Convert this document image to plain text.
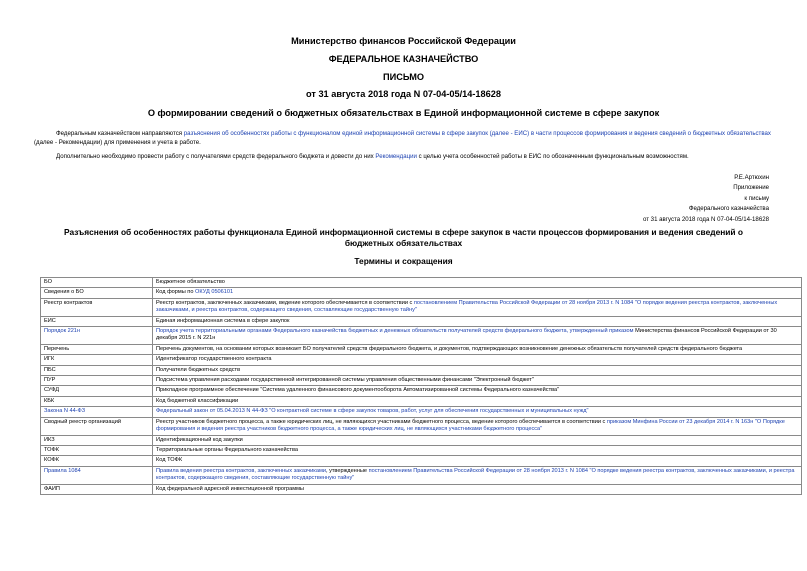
Министерство финансов Российской Федерации
ФЕДЕРАЛЬНОЕ КАЗНАЧЕЙСТВО
ПИСЬМО
от 31 августа 2018 года N 07-04-05/14-18628
О формировании сведений о бюджетных обязательствах в Единой информационной системе в сфере закупок
Федеральным казначейством направляются разъяснения об особенностях работы с функционалом единой информационной системы в сфере закупок (далее - ЕИС) в части процессов формирования и ведения сведений о бюджетных обязательствах (далее - Рекомендации) для применения и учета в работе.
Дополнительно необходимо провести работу с получателями средств федерального бюджета и довести до них Рекомендации с целью учета особенностей работы в ЕИС по обозначенным функциональным возможностям.
Р.Е.Артюхин
Приложение
к письму
Федерального казначейства
от 31 августа 2018 года N 07-04-05/14-18628
Разъяснения об особенностях работы функционала Единой информационной системы в сфере закупок в части процессов формирования и ведения сведений о бюджетных обязательствах
Термины и сокращения
БО	Бюджетное обязательство
Сведения о БО	Код формы по ОКУД 0506101
Реестр контрактов	Реестр контрактов, заключенных заказчиками, ведение которого обеспечивается в соответствии с постановлением Правительства Российской Федерации от 28 ноября 2013 г. N 1084 "О порядке ведения реестра контрактов, заключенных заказчиками, и реестра контрактов, содержащего сведения, составляющие государственную тайну"
ЕИС	Единая информационная система в сфере закупок
Порядок 221н	Порядок учета территориальными органами Федерального казначейства бюджетных и денежных обязательств получателей средств федерального бюджета, утвержденный приказом Министерства финансов Российской Федерации от 30 декабря 2015 г. N 221н
Перечень	Перечень документов, на основании которых возникает БО получателей средств федерального бюджета, и документов, подтверждающих возникновение денежных обязательств получателей средств федерального бюджета
ИГК	Идентификатор государственного контракта
ПБС	Получатели бюджетных средств
ПУР	Подсистема управления расходами государственной интегрированной системы управления общественными финансами "Электронный бюджет"
СУФД	Прикладное программное обеспечение "Система удаленного финансового документооборота Автоматизированной системы Федерального казначейства"
КБК	Код бюджетной классификации
Закона N 44-ФЗ	Федеральный закон от 05.04.2013 N 44-ФЗ "О контрактной системе в сфере закупок товаров, работ, услуг для обеспечения государственных и муниципальных нужд"
Сводный реестр организаций	Реестр участников бюджетного процесса, а также юридических лиц, не являющихся участниками бюджетного процесса, ведение которого обеспечивается в соответствии с приказом Минфина России от 23 декабря 2014 г. N 163н "О Порядке формирования и ведения реестра участников бюджетного процесса, а также юридических лиц, не являющихся участниками бюджетного процесса"
ИКЗ	Идентификационный код закупки
ТОФК	Территориальные органы Федерального казначейства
КОФК	Код ТОФК
Правила 1084	Правила ведения реестра контрактов, заключенных заказчиками, утвержденные постановлением Правительства Российской Федерации от 28 ноября 2013 г. N 1084 "О порядке ведения реестра контрактов, заключенных заказчиками, и реестра контрактов, содержащего сведения, составляющие государственную тайну"
ФАИП	Код федеральной адресной инвестиционной программы
